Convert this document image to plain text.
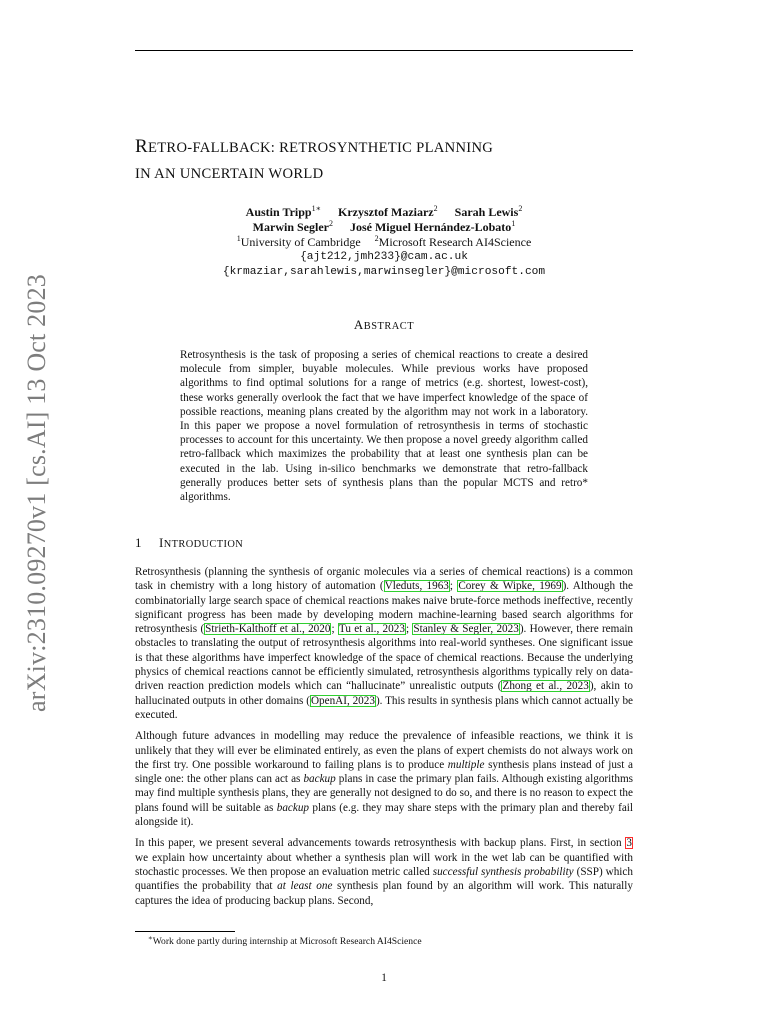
arXiv:2310.09270v1 [cs.AI] 13 Oct 2023
RETRO-FALLBACK: RETROSYNTHETIC PLANNING
IN AN UNCERTAIN WORLD
Austin Tripp$^{1∗}$ Krzysztof Maziarz$^2$ Sarah Lewis$^2$
Marwin Segler$^2$ José Miguel Hernández-Lobato$^1$
$^1$University of Cambridge $^2$Microsoft Research AI4Science
{ajt212,jmh233}@cam.ac.uk
{krmaziar,sarahlewis,marwinsegler}@microsoft.com
ABSTRACT
Retrosynthesis is the task of proposing a series of chemical reactions to create a desired molecule from simpler, buyable molecules. While previous works have proposed algorithms to find optimal solutions for a range of metrics (e.g. shortest, lowest-cost), these works generally overlook the fact that we have imperfect knowledge of the space of possible reactions, meaning plans created by the algorithm may not work in a laboratory. In this paper we propose a novel formulation of retrosynthesis in terms of stochastic processes to account for this uncertainty. We then propose a novel greedy algorithm called retro-fallback which maximizes the probability that at least one synthesis plan can be executed in the lab. Using in-silico benchmarks we demonstrate that retro-fallback generally produces better sets of synthesis plans than the popular MCTS and retro* algorithms.
1 INTRODUCTION

Retrosynthesis (planning the synthesis of organic molecules via a series of chemical reactions) is a common task in chemistry with a long history of automation (Vleduts, 1963; Corey & Wipke, 1969). Although the combinatorially large search space of chemical reactions makes naive brute-force methods ineffective, recently significant progress has been made by developing modern machine-learning based search algorithms for retrosynthesis (Strieth-Kalthoff et al., 2020; Tu et al., 2023; Stanley & Segler, 2023). However, there remain obstacles to translating the output of retrosynthesis algorithms into real-world syntheses. One significant issue is that these algorithms have imperfect knowledge of the space of chemical reactions. Because the underlying physics of chemical reactions cannot be efficiently simulated, retrosynthesis algorithms typically rely on data-driven reaction prediction models which can “hallucinate” unrealistic outputs (Zhong et al., 2023), akin to hallucinated outputs in other domains (OpenAI, 2023). This results in synthesis plans which cannot actually be executed.

Although future advances in modelling may reduce the prevalence of infeasible reactions, we think it is unlikely that they will ever be eliminated entirely, as even the plans of expert chemists do not always work on the first try. One possible workaround to failing plans is to produce multiple synthesis plans instead of just a single one: the other plans can act as backup plans in case the primary plan fails. Although existing algorithms may find multiple synthesis plans, they are generally not designed to do so, and there is no reason to expect the plans found will be suitable as backup plans (e.g. they may share steps with the primary plan and thereby fail alongside it).

In this paper, we present several advancements towards retrosynthesis with backup plans. First, in section 3 we explain how uncertainty about whether a synthesis plan will work in the wet lab can be quantified with stochastic processes. We then propose an evaluation metric called successful synthesis probability (SSP) which quantifies the probability that at least one synthesis plan found by an algorithm will work. This naturally captures the idea of producing backup plans. Second,

∗Work done partly during internship at Microsoft Research AI4Science
1
